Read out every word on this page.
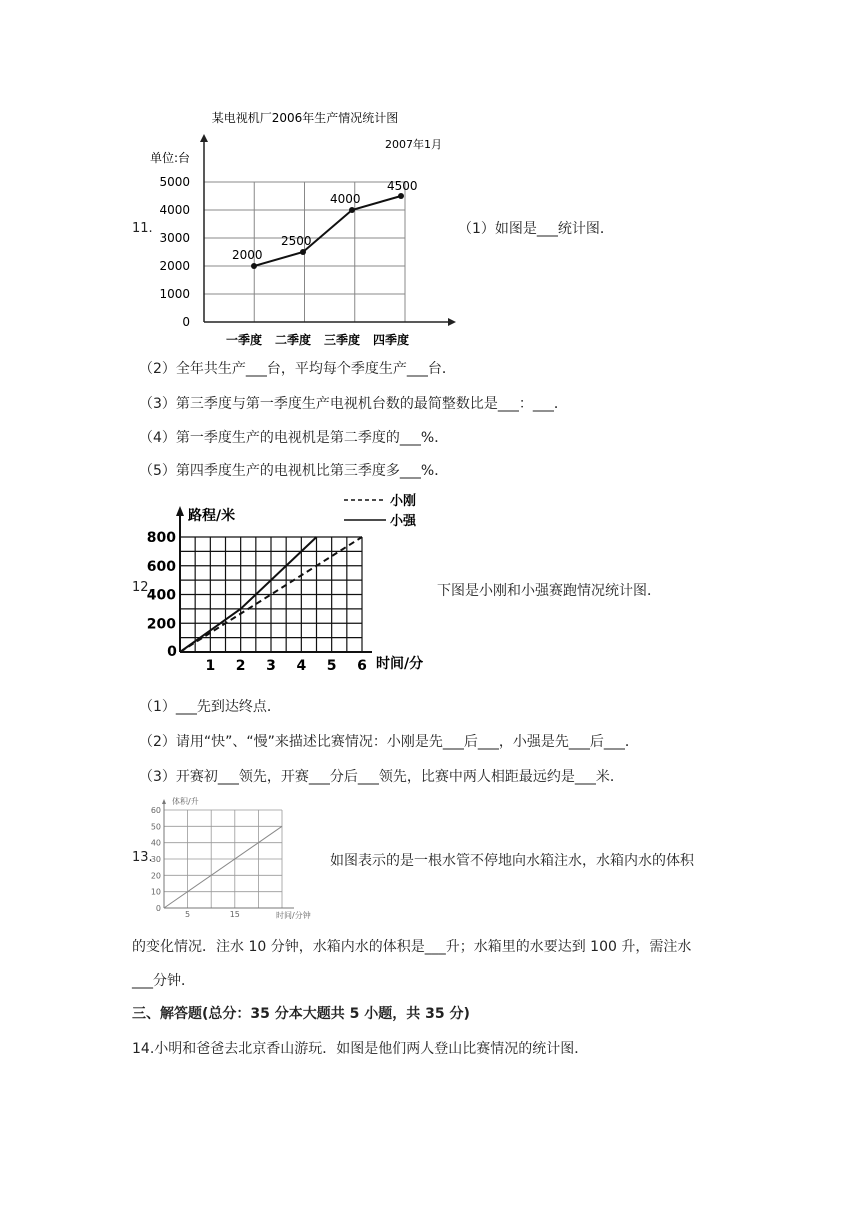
11.
某电视机厂2006年生产情况统计图
2007年1月
单位:台
0
1000
2000
3000
4000
5000
2000
2500
4000
4500
一季度 二季度 三季度 四季度
（1）如图是___统计图．
（2）全年共生产___台，平均每个季度生产___台．
（3）第三季度与第一季度生产电视机台数的最简整数比是___：___．
（4）第一季度生产的电视机是第二季度的___%．
（5）第四季度生产的电视机比第三季度多___%．
12.
路程/米
时间/分
小刚
小强
200
400
600
800
0
1 2 3 4 5 6
下图是小刚和小强赛跑情况统计图．
（1）___先到达终点．
（2）请用“快”、“慢”来描述比赛情况：小刚是先___后___，小强是先___后___．
（3）开赛初___领先，开赛___分后___领先，比赛中两人相距最远约是___米．
13.
0
10
20
30
40
50
60
体积/升
时间/分钟
5	15
如图表示的是一根水管不停地向水箱注水，水箱内水的体积
的变化情况．注水 10 分钟，水箱内水的体积是___升；水箱里的水要达到 100 升，需注水
___分钟．
三、解答题(总分：35 分本大题共 5 小题，共 35 分)
14.小明和爸爸去北京香山游玩．如图是他们两人登山比赛情况的统计图．
